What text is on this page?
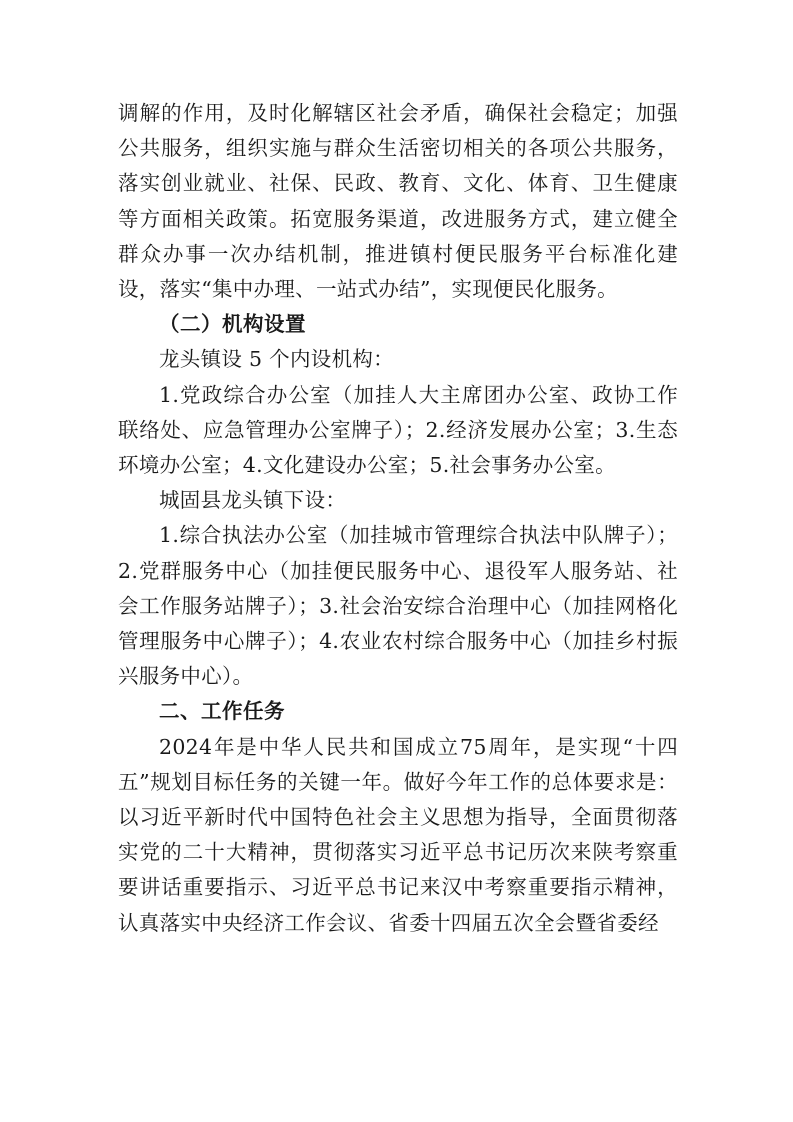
调解的作用，及时化解辖区社会矛盾，确保社会稳定；加强公共服务，组织实施与群众生活密切相关的各项公共服务，落实创业就业、社保、民政、教育、文化、体育、卫生健康等方面相关政策。拓宽服务渠道，改进服务方式，建立健全群众办事一次办结机制，推进镇村便民服务平台标准化建设，落实“集中办理、一站式办结”，实现便民化服务。

（二）机构设置

龙头镇设 5 个内设机构：

1.党政综合办公室（加挂人大主席团办公室、政协工作联络处、应急管理办公室牌子）；2.经济发展办公室；3.生态环境办公室；4.文化建设办公室；5.社会事务办公室。

城固县龙头镇下设：

1.综合执法办公室（加挂城市管理综合执法中队牌子）；2.党群服务中心（加挂便民服务中心、退役军人服务站、社会工作服务站牌子）；3.社会治安综合治理中心（加挂网格化管理服务中心牌子）；4.农业农村综合服务中心（加挂乡村振兴服务中心）。

二、工作任务

2024年是中华人民共和国成立75周年，是实现“十四五”规划目标任务的关键一年。做好今年工作的总体要求是：以习近平新时代中国特色社会主义思想为指导，全面贯彻落实党的二十大精神，贯彻落实习近平总书记历次来陕考察重要讲话重要指示、习近平总书记来汉中考察重要指示精神，认真落实中央经济工作会议、省委十四届五次全会暨省委经
